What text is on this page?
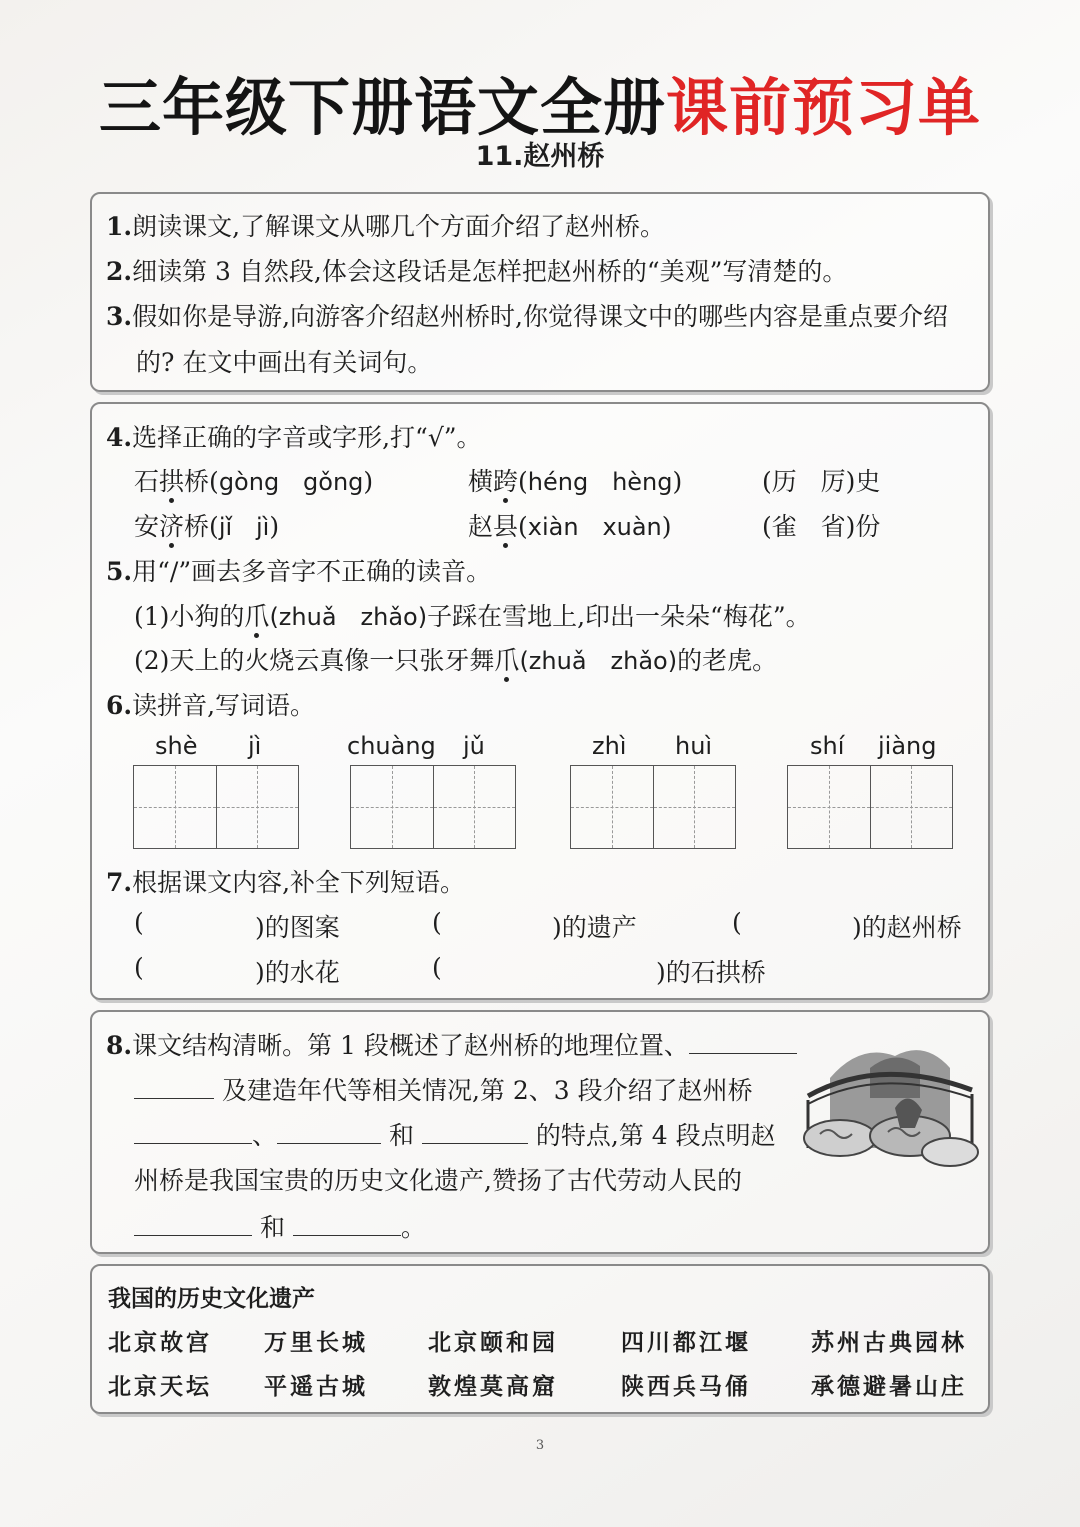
三年级下册语文全册课前预习单
11.赵州桥
1.朗读课文,了解课文从哪几个方面介绍了赵州桥。
2.细读第 3 自然段,体会这段话是怎样把赵州桥的“美观”写清楚的。
3.假如你是导游,向游客介绍赵州桥时,你觉得课文中的哪些内容是重点要介绍
的? 在文中画出有关词句。
4.选择正确的字音或字形,打“√”。
石拱桥(gòng gǒng)	横跨(héng hèng)	(历 厉)史
安济桥(jǐ jì)	赵县(xiàn xuàn)	(雀 省)份
5.用“/”画去多音字不正确的读音。
(1)小狗的爪(zhuǎ　zhǎo)子踩在雪地上,印出一朵朵“梅花”。
(2)天上的火烧云真像一只张牙舞爪(zhuǎ　zhǎo)的老虎。
6.读拼音,写词语。
shè jì	chuàng jǔ	zhì huì	shí jiàng
7.根据课文内容,补全下列短语。
(	)的图案	(	)的遗产	(	)的赵州桥
(	)的水花	(	)的石拱桥
8.课文结构清晰。第 1 段概述了赵州桥的地理位置、
及建造年代等相关情况,第 2、3 段介绍了赵州桥
、	和	的特点,第 4 段点明赵
州桥是我国宝贵的历史文化遗产,赞扬了古代劳动人民的
和	。
我国的历史文化遗产
北京故宫 万里长城	北京颐和园	四川都江堰	苏州古典园林
北京天坛 平遥古城	敦煌莫高窟	陕西兵马俑	承德避暑山庄
3
